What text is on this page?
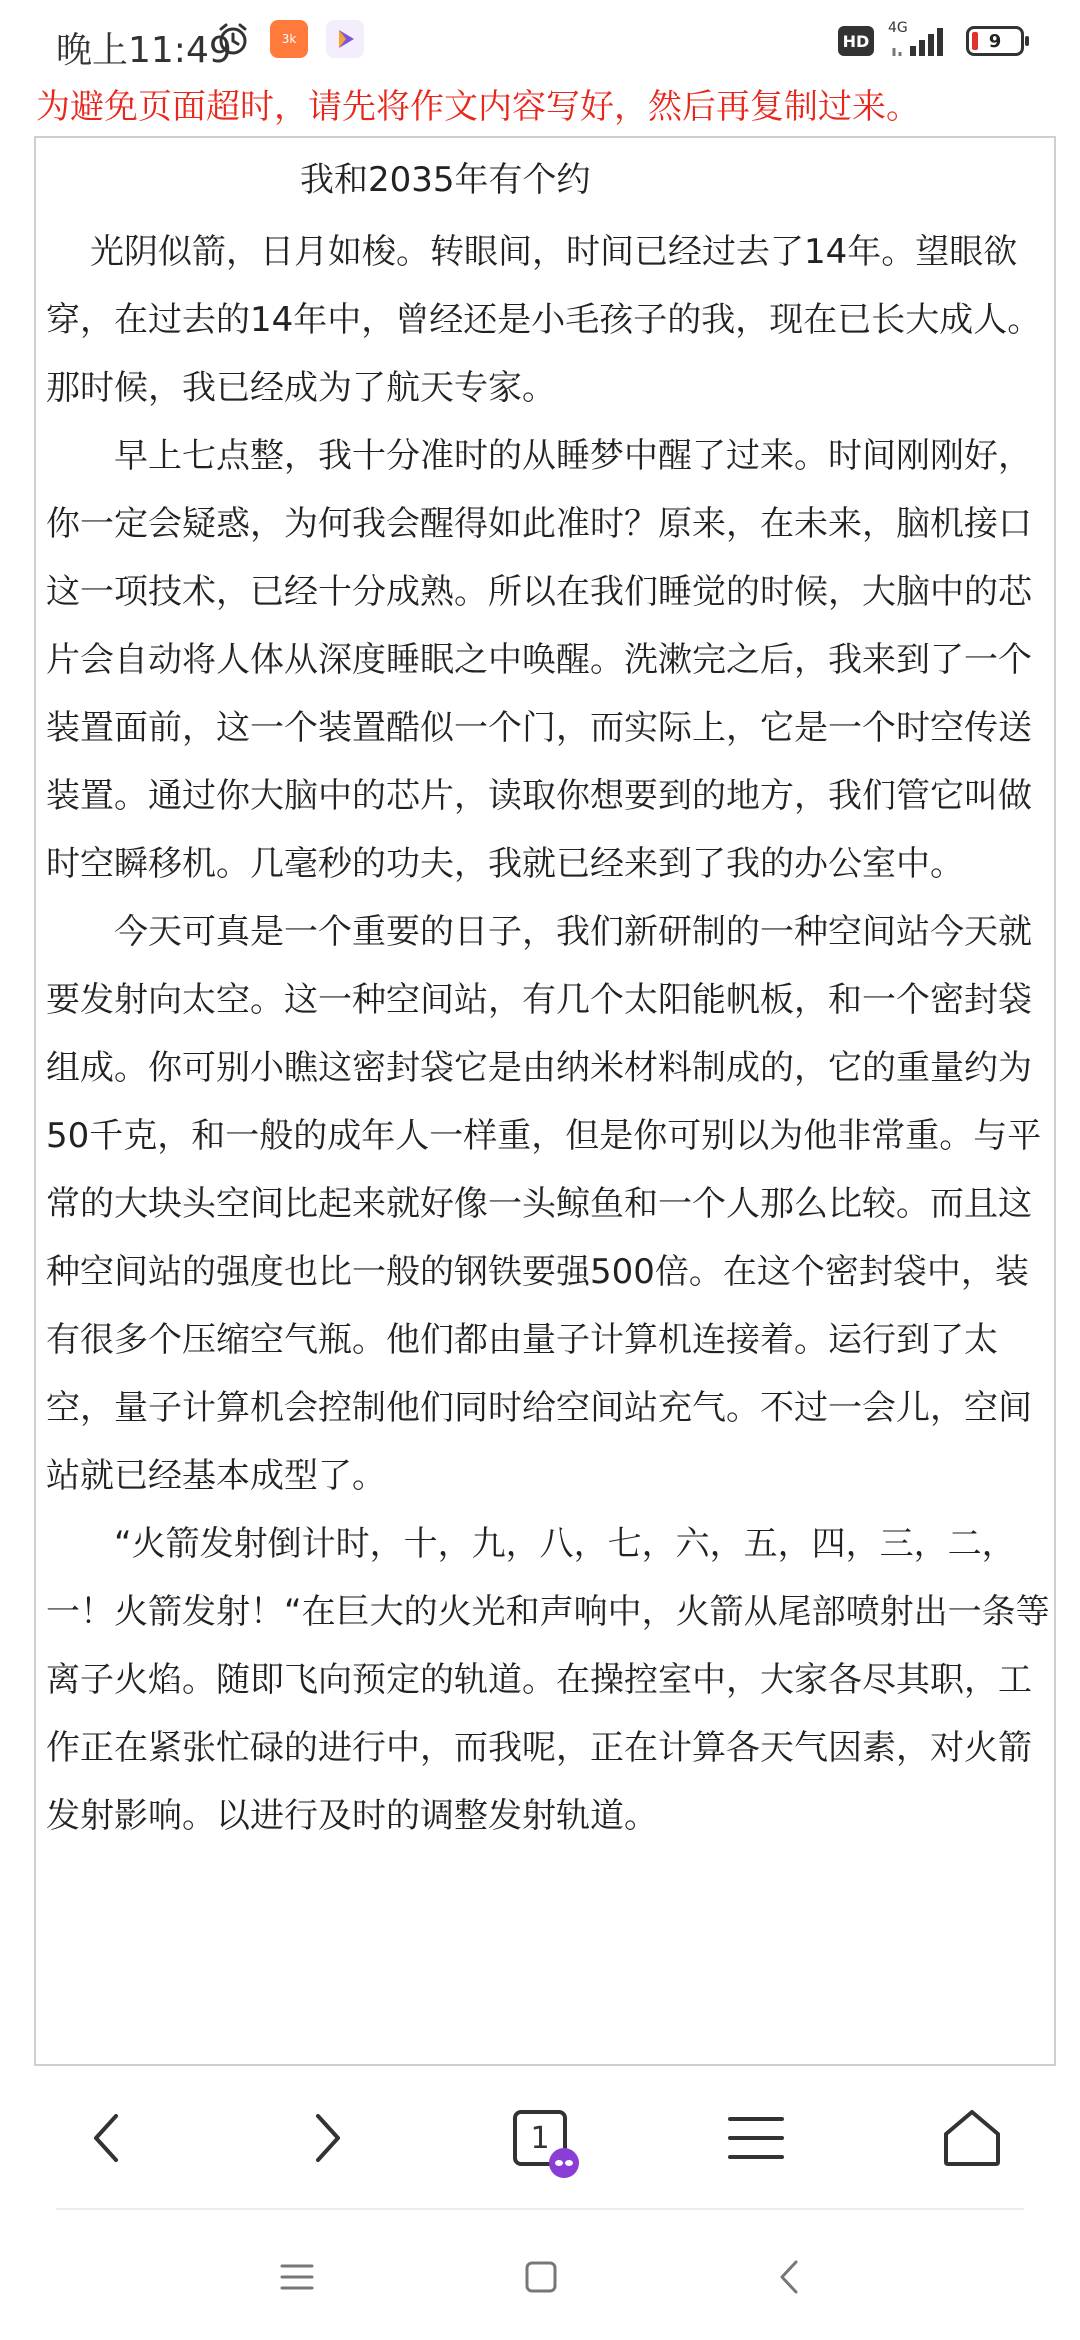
晚上11:49	3k	HD
4G
9
为避免页面超时，请先将作文内容写好，然后再复制过来。
我和2035年有个约

光阴似箭，日月如梭。转眼间，时间已经过去了14年。望眼欲穿，在过去的14年中，曾经还是小毛孩子的我，现在已长大成人。那时候，我已经成为了航天专家。

早上七点整，我十分准时的从睡梦中醒了过来。时间刚刚好，你一定会疑惑，为何我会醒得如此准时？原来，在未来，脑机接口这一项技术，已经十分成熟。所以在我们睡觉的时候，大脑中的芯片会自动将人体从深度睡眠之中唤醒。洗漱完之后，我来到了一个装置面前，这一个装置酷似一个门，而实际上，它是一个时空传送装置。通过你大脑中的芯片，读取你想要到的地方，我们管它叫做时空瞬移机。几毫秒的功夫，我就已经来到了我的办公室中。

今天可真是一个重要的日子，我们新研制的一种空间站今天就要发射向太空。这一种空间站，有几个太阳能帆板，和一个密封袋组成。你可别小瞧这密封袋它是由纳米材料制成的，它的重量约为50千克，和一般的成年人一样重，但是你可别以为他非常重。与平常的大块头空间比起来就好像一头鲸鱼和一个人那么比较。而且这种空间站的强度也比一般的钢铁要强500倍。在这个密封袋中，装有很多个压缩空气瓶。他们都由量子计算机连接着。运行到了太空，量子计算机会控制他们同时给空间站充气。不过一会儿，空间站就已经基本成型了。

“火箭发射倒计时，十，九，八，七，六，五，四，三，二，一！火箭发射！“在巨大的火光和声响中，火箭从尾部喷射出一条等离子火焰。随即飞向预定的轨道。在操控室中，大家各尽其职，工作正在紧张忙碌的进行中，而我呢，正在计算各天气因素，对火箭发射影响。以进行及时的调整发射轨道。

1
